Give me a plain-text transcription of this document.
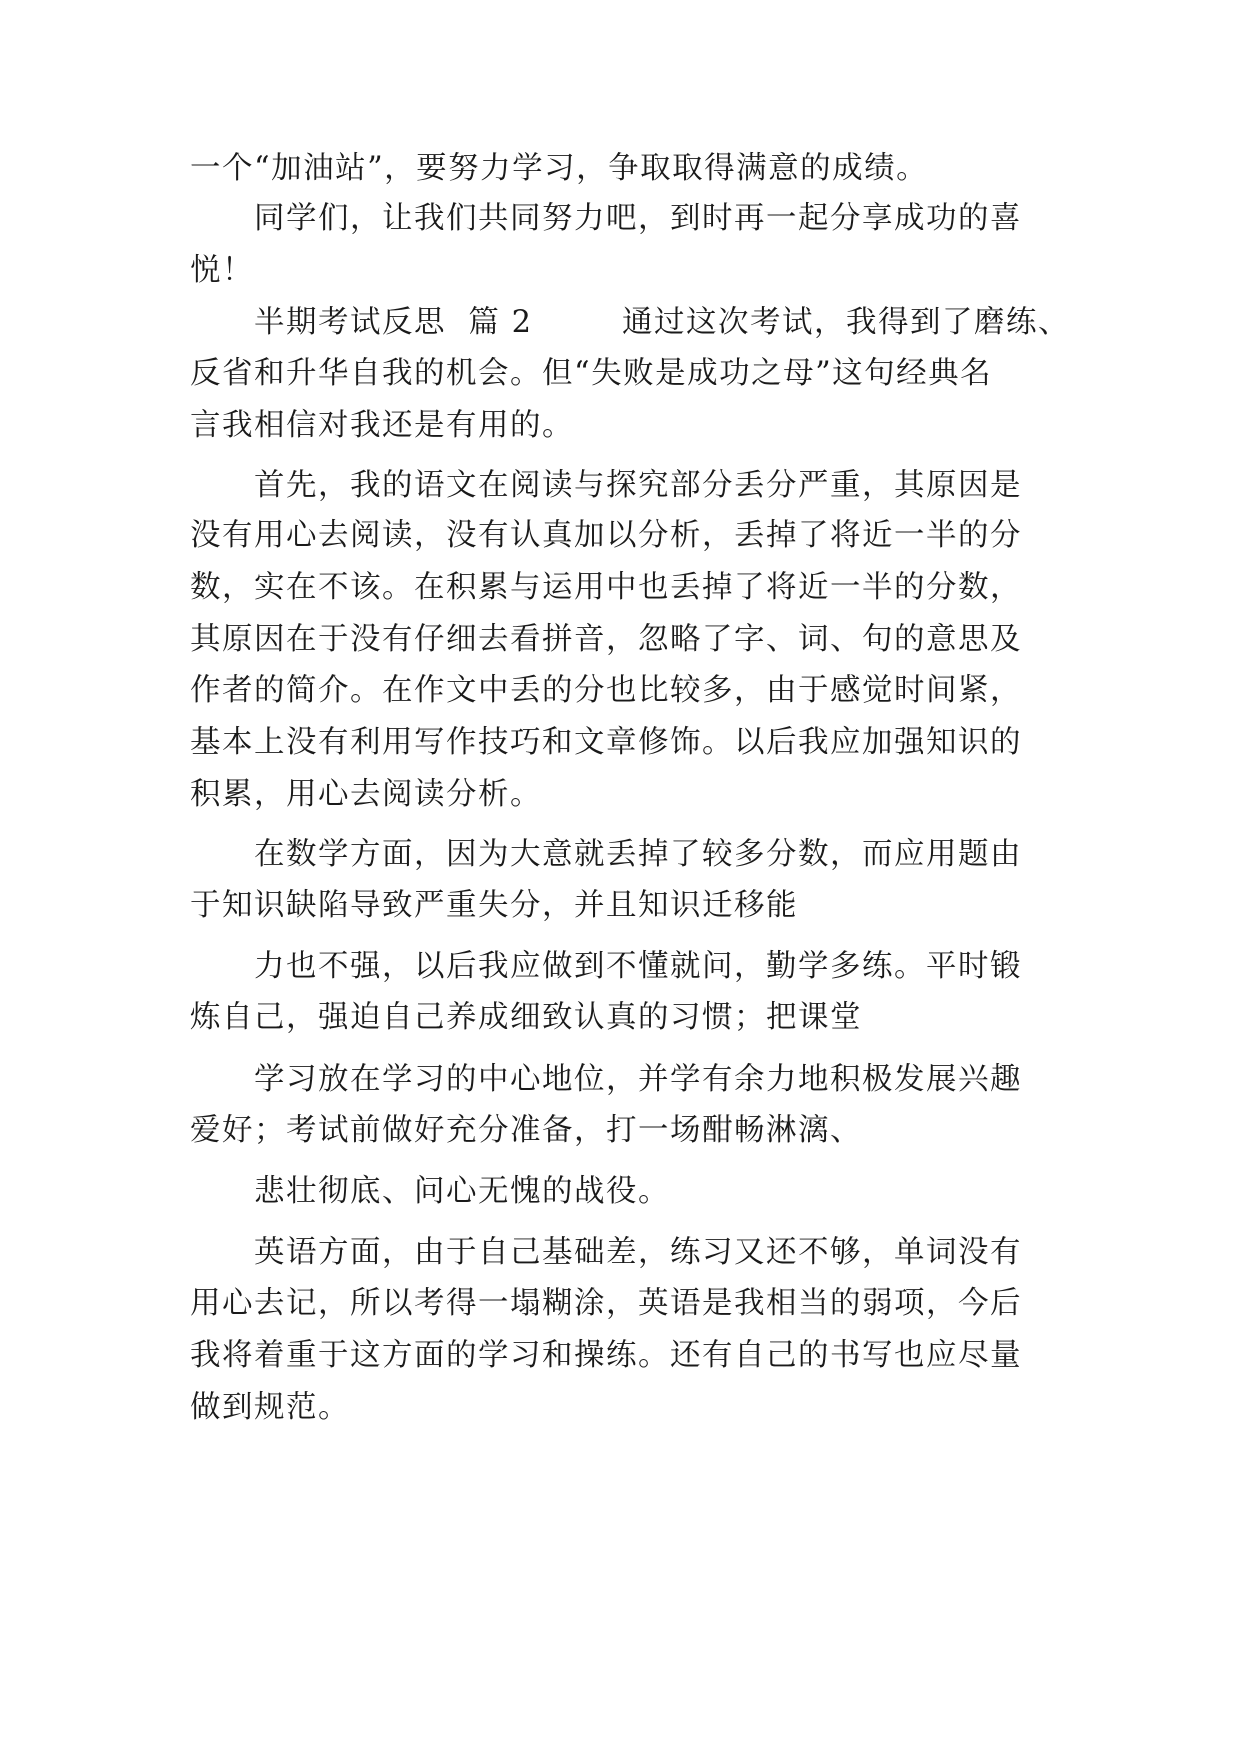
一个“加油站”，要努力学习，争取取得满意的成绩。
同学们，让我们共同努力吧，到时再一起分享成功的喜
悦！
半期考试反思  篇 2        通过这次考试，我得到了磨练、
反省和升华自我的机会。但“失败是成功之母”这句经典名
言我相信对我还是有用的。
首先，我的语文在阅读与探究部分丢分严重，其原因是
没有用心去阅读，没有认真加以分析，丢掉了将近一半的分
数，实在不该。在积累与运用中也丢掉了将近一半的分数，
其原因在于没有仔细去看拼音，忽略了字、词、句的意思及
作者的简介。在作文中丢的分也比较多，由于感觉时间紧，
基本上没有利用写作技巧和文章修饰。以后我应加强知识的
积累，用心去阅读分析。
在数学方面，因为大意就丢掉了较多分数，而应用题由
于知识缺陷导致严重失分，并且知识迁移能
力也不强，以后我应做到不懂就问，勤学多练。平时锻
炼自己，强迫自己养成细致认真的习惯；把课堂
学习放在学习的中心地位，并学有余力地积极发展兴趣
爱好；考试前做好充分准备，打一场酣畅淋漓、
悲壮彻底、问心无愧的战役。
英语方面，由于自己基础差，练习又还不够，单词没有
用心去记，所以考得一塌糊涂，英语是我相当的弱项，今后
我将着重于这方面的学习和操练。还有自己的书写也应尽量
做到规范。
